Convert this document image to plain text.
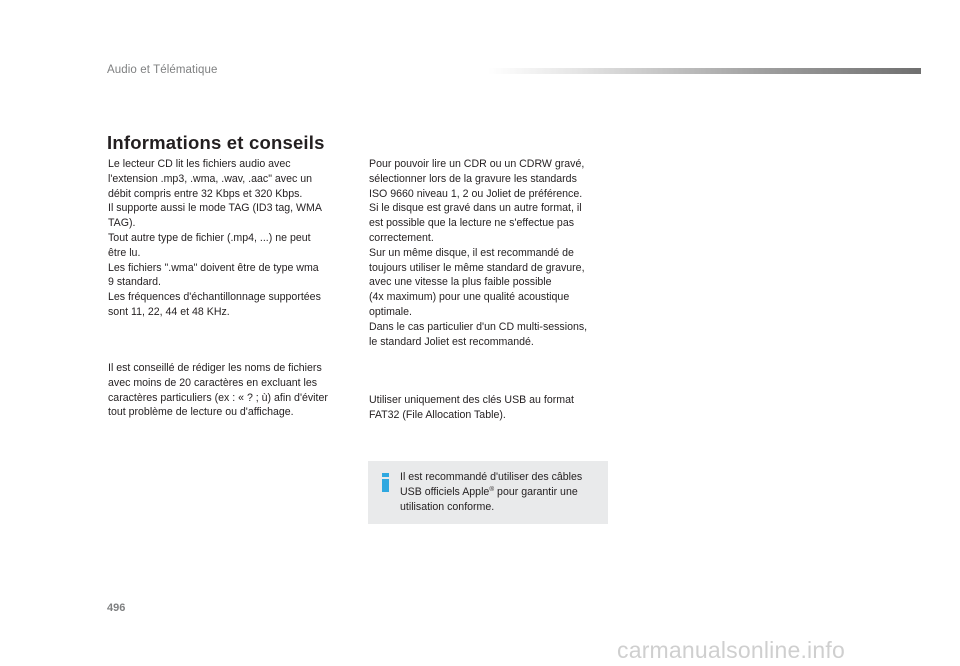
Audio et Télématique
Informations et conseils
Le lecteur CD lit les fichiers audio avec
l'extension .mp3, .wma, .wav, .aac" avec un
débit compris entre 32 Kbps et 320 Kbps.
Il supporte aussi le mode TAG (ID3 tag, WMA
TAG).
Tout autre type de fichier (.mp4, ...) ne peut
être lu.
Les fichiers ".wma" doivent être de type wma
9 standard.
Les fréquences d'échantillonnage supportées
sont 11, 22, 44 et 48 KHz.
Il est conseillé de rédiger les noms de fichiers
avec moins de 20 caractères en excluant les
caractères particuliers (ex : « ? ; ù) afin d'éviter
tout problème de lecture ou d'affichage.
Pour pouvoir lire un CDR ou un CDRW gravé,
sélectionner lors de la gravure les standards
ISO 9660 niveau 1, 2 ou Joliet de préférence.
Si le disque est gravé dans un autre format, il
est possible que la lecture ne s'effectue pas
correctement.
Sur un même disque, il est recommandé de
toujours utiliser le même standard de gravure,
avec une vitesse la plus faible possible
(4x maximum) pour une qualité acoustique
optimale.
Dans le cas particulier d'un CD multi-sessions,
le standard Joliet est recommandé.
Utiliser uniquement des clés USB au format
FAT32 (File Allocation Table).
Il est recommandé d'utiliser des câbles
USB officiels Apple® pour garantir une
utilisation conforme.
496
carmanualsonline.info
